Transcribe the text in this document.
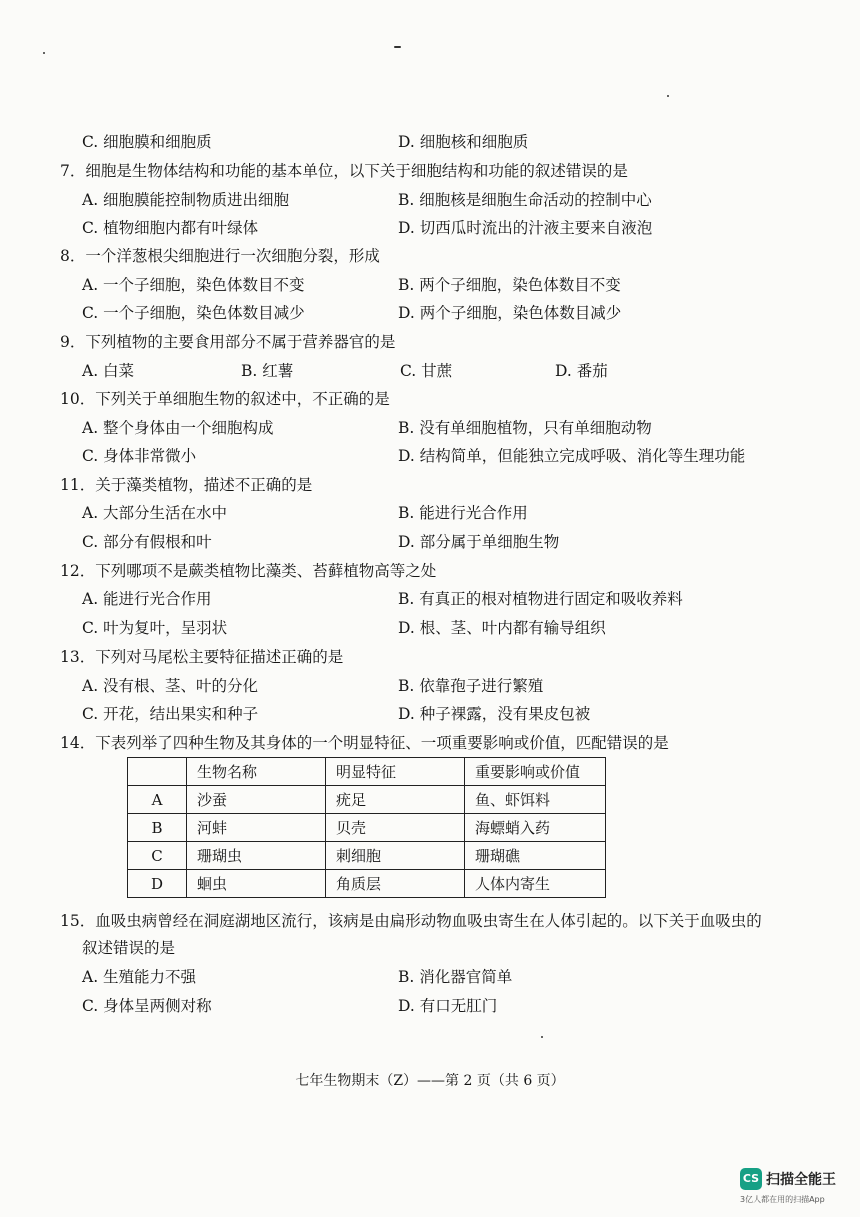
C. 细胞膜和细胞质	D. 细胞核和细胞质
7．细胞是生物体结构和功能的基本单位，以下关于细胞结构和功能的叙述错误的是
A. 细胞膜能控制物质进出细胞	B. 细胞核是细胞生命活动的控制中心
C. 植物细胞内都有叶绿体	D. 切西瓜时流出的汁液主要来自液泡
8．一个洋葱根尖细胞进行一次细胞分裂，形成
A. 一个子细胞，染色体数目不变	B. 两个子细胞，染色体数目不变
C. 一个子细胞，染色体数目减少	D. 两个子细胞，染色体数目减少
9．下列植物的主要食用部分不属于营养器官的是
A. 白菜	B. 红薯	C. 甘蔗	D. 番茄
10．下列关于单细胞生物的叙述中，不正确的是
A. 整个身体由一个细胞构成	B. 没有单细胞植物，只有单细胞动物
C. 身体非常微小	D. 结构简单，但能独立完成呼吸、消化等生理功能
11．关于藻类植物，描述不正确的是
A. 大部分生活在水中	B. 能进行光合作用
C. 部分有假根和叶	D. 部分属于单细胞生物
12．下列哪项不是蕨类植物比藻类、苔藓植物高等之处
A. 能进行光合作用	B. 有真正的根对植物进行固定和吸收养料
C. 叶为复叶，呈羽状	D. 根、茎、叶内都有输导组织
13．下列对马尾松主要特征描述正确的是
A. 没有根、茎、叶的分化	B. 依靠孢子进行繁殖
C. 开花，结出果实和种子	D. 种子裸露，没有果皮包被
14．下表列举了四种生物及其身体的一个明显特征、一项重要影响或价值，匹配错误的是
	生物名称	明显特征	重要影响或价值
A	沙蚕	疣足	鱼、虾饵料
B	河蚌	贝壳	海螵蛸入药
C	珊瑚虫	刺细胞	珊瑚礁
D	蛔虫	角质层	人体内寄生
15．血吸虫病曾经在洞庭湖地区流行，该病是由扁形动物血吸虫寄生在人体引起的。以下关于血吸虫的
叙述错误的是
A. 生殖能力不强	B. 消化器官简单
C. 身体呈两侧对称	D. 有口无肛门
七年生物期末（Z）——第 2 页（共 6 页）
CS 扫描全能王
3亿人都在用的扫描App
